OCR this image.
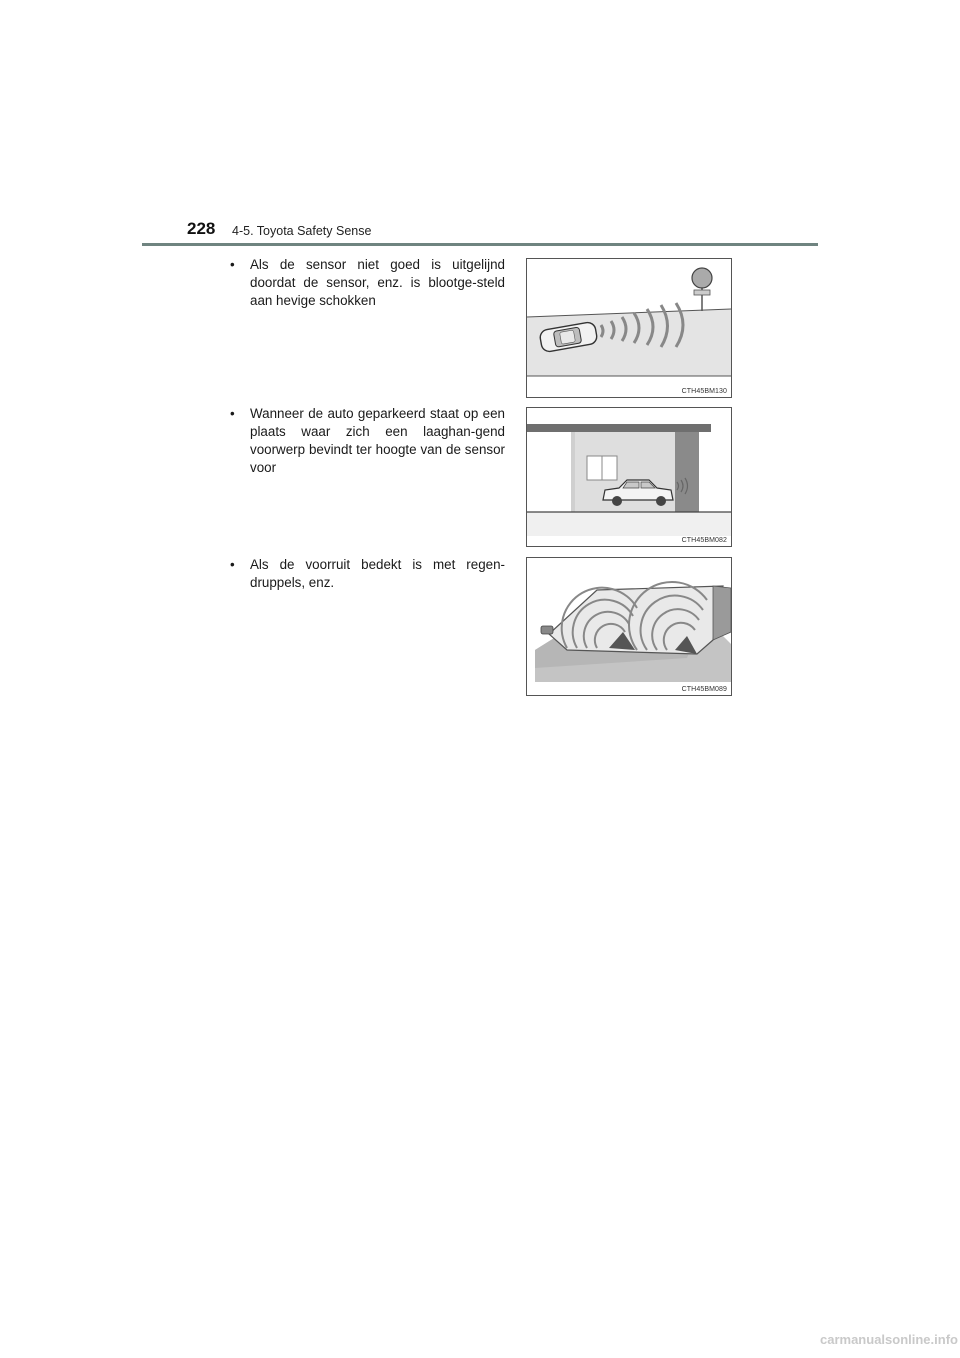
228 4-5. Toyota Safety Sense
•	Als de sensor niet goed is uitgelijnd doordat de sensor, enz. is blootge-steld aan hevige schokken
CTH45BM130
•	Wanneer de auto geparkeerd staat op een plaats waar zich een laaghan-gend voorwerp bevindt ter hoogte van de sensor voor
CTH45BM082
•	Als de voorruit bedekt is met regen-druppels, enz.
CTH45BM089
carmanualsonline.info
